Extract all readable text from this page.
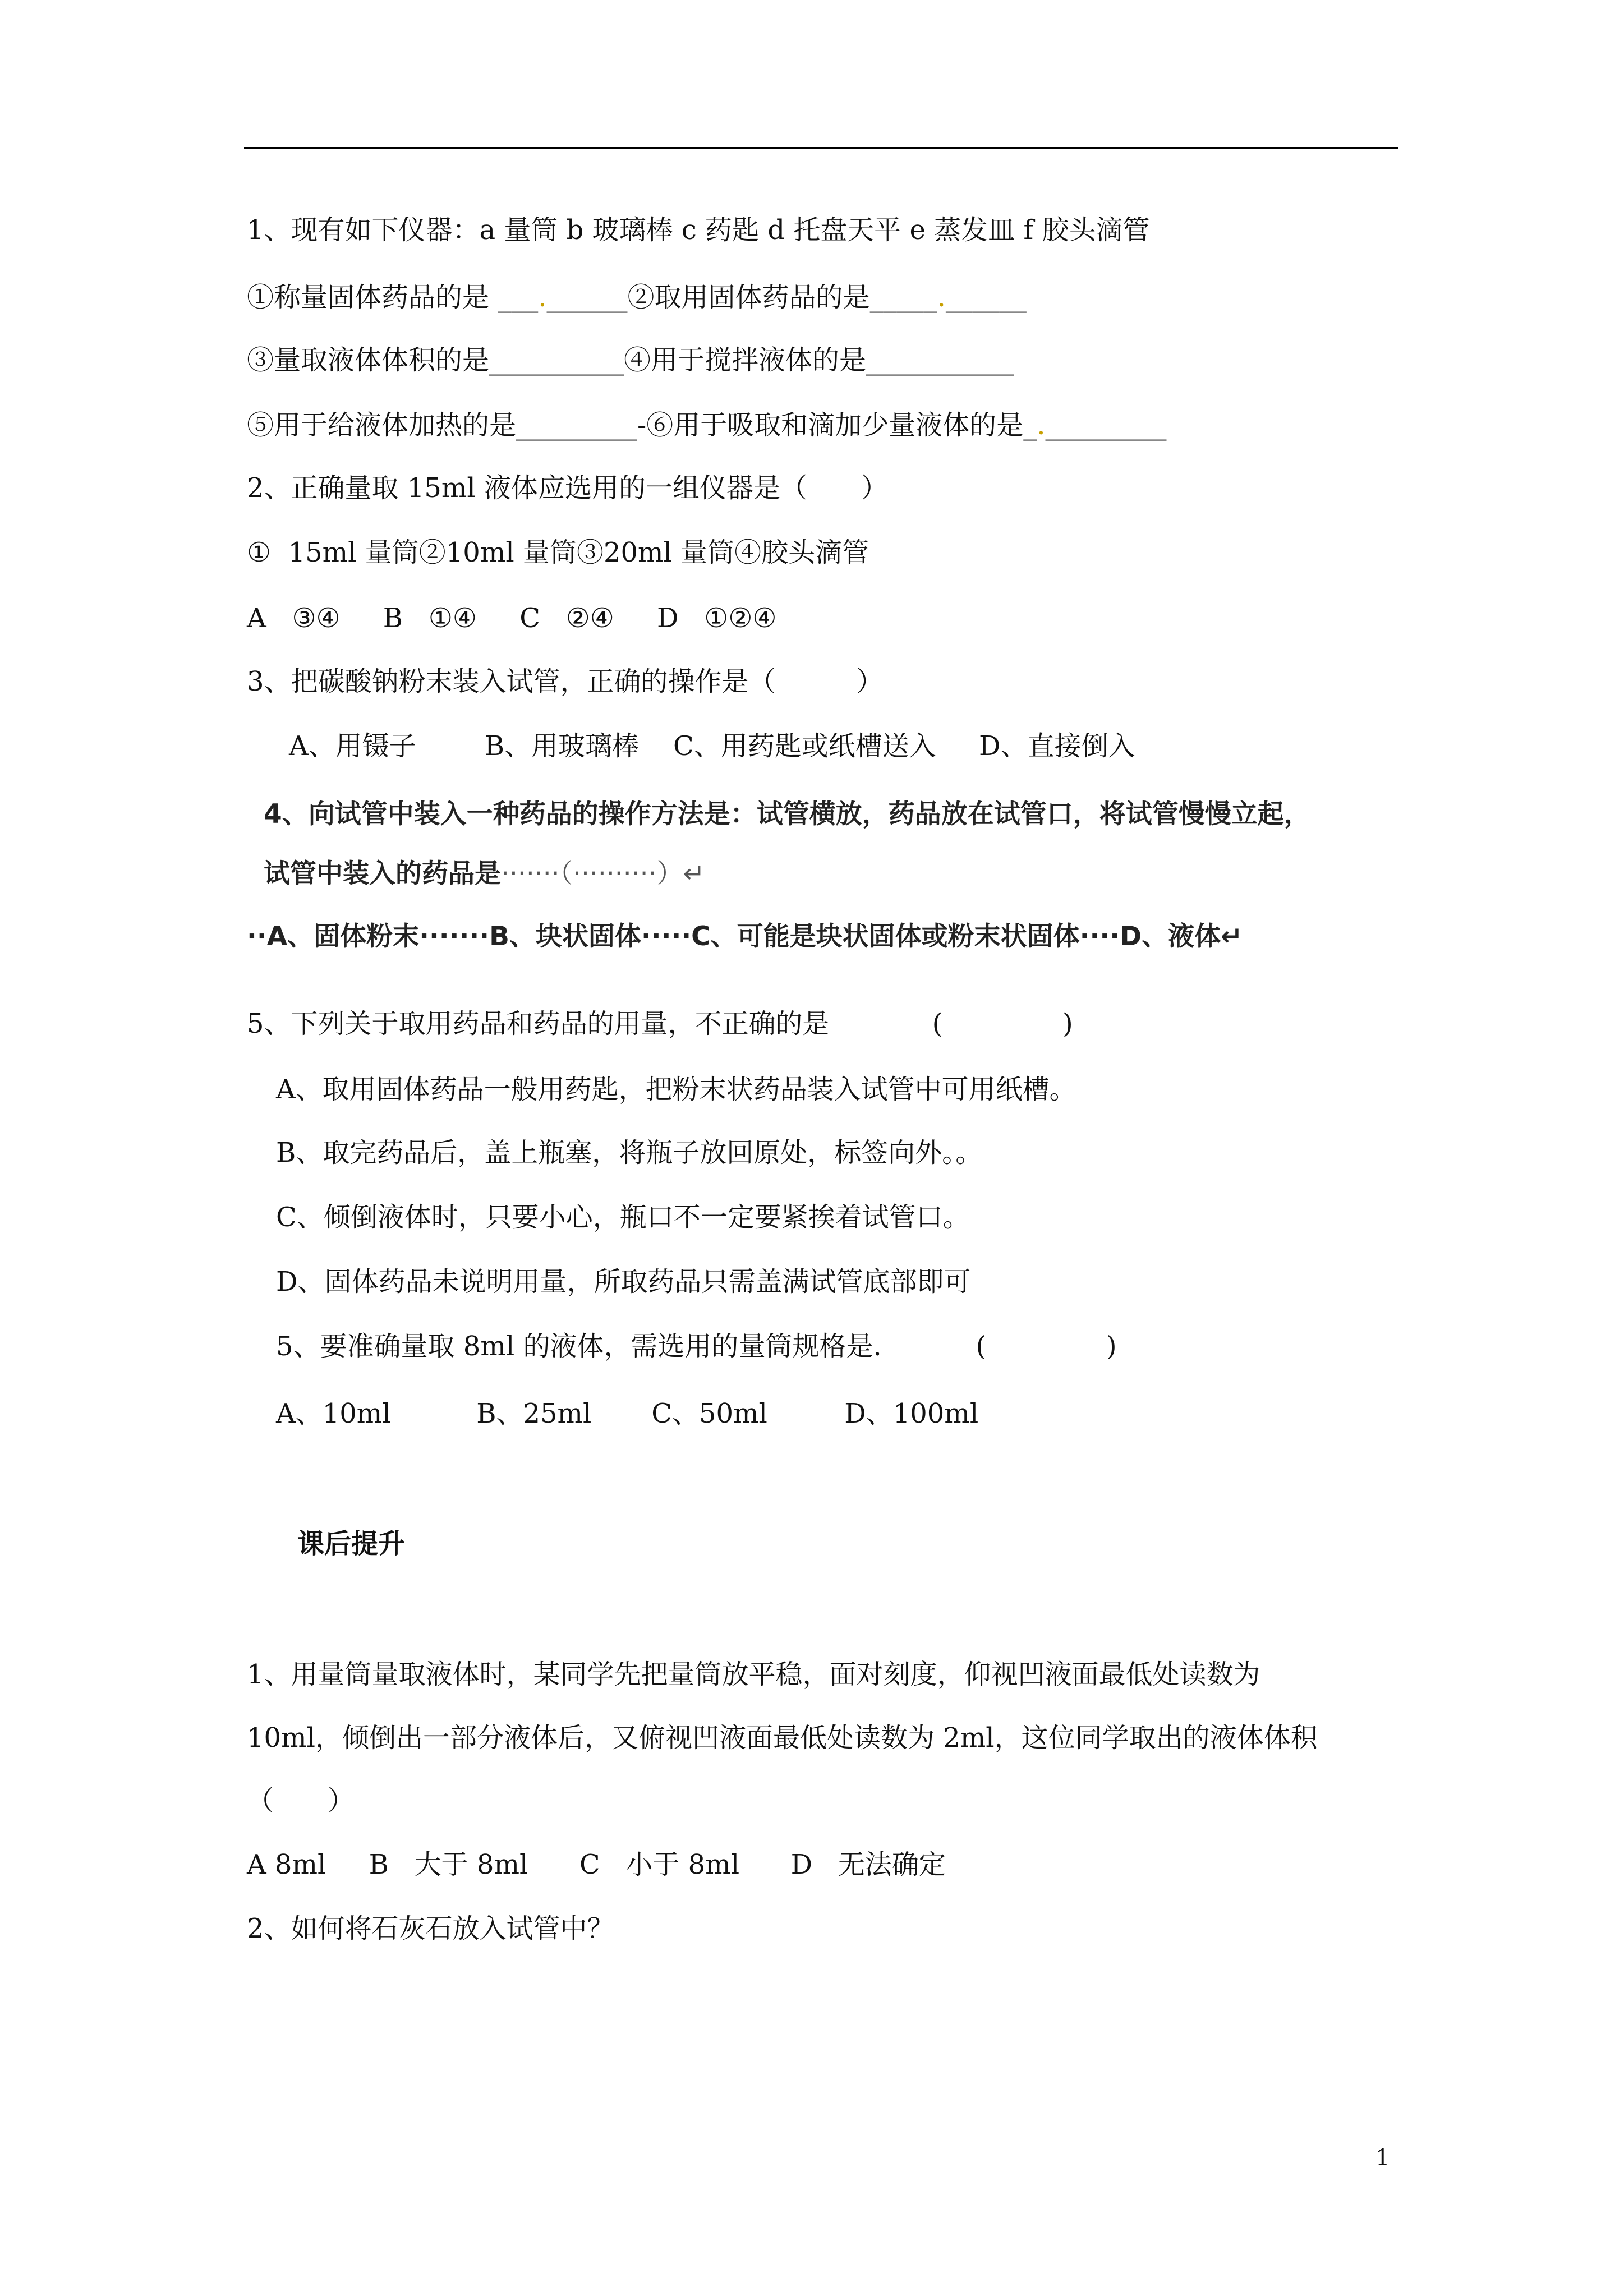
1、现有如下仪器：a 量筒 b 玻璃棒 c 药匙 d 托盘天平 e 蒸发皿 f 胶头滴管
①称量固体药品的是 ___.______②取用固体药品的是_____.______
③量取液体体积的是__________④用于搅拌液体的是___________
⑤用于给液体加热的是_________-⑥用于吸取和滴加少量液体的是_._________
2、正确量取 15ml 液体应选用的一组仪器是（　　）
①  15ml 量筒②10ml 量筒③20ml 量筒④胶头滴管
A   ③④     B   ①④     C   ②④     D   ①②④
3、把碳酸钠粉末装入试管，正确的操作是（　　　）
A、用镊子        B、用玻璃棒    C、用药匙或纸槽送入     D、直接倒入
4、向试管中装入一种药品的操作方法是：试管横放，药品放在试管口，将试管慢慢立起，
试管中装入的药品是·······（··········）↵
··A、固体粉末·······B、块状固体·····C、可能是块状固体或粉末状固体····D、液体↵
5、下列关于取用药品和药品的用量，不正确的是            (              )
A、取用固体药品一般用药匙，把粉末状药品装入试管中可用纸槽。
B、取完药品后，盖上瓶塞，将瓶子放回原处，标签向外。。
C、倾倒液体时，只要小心，瓶口不一定要紧挨着试管口。
D、固体药品未说明用量，所取药品只需盖满试管底部即可
5、要准确量取 8ml 的液体，需选用的量筒规格是.           (              )
A、10ml          B、25ml       C、50ml         D、100ml
课后提升
1、用量筒量取液体时，某同学先把量筒放平稳，面对刻度，仰视凹液面最低处读数为
10ml，倾倒出一部分液体后，又俯视凹液面最低处读数为 2ml，这位同学取出的液体体积
（　　）
A 8ml     B   大于 8ml      C   小于 8ml      D   无法确定
2、如何将石灰石放入试管中？
1
